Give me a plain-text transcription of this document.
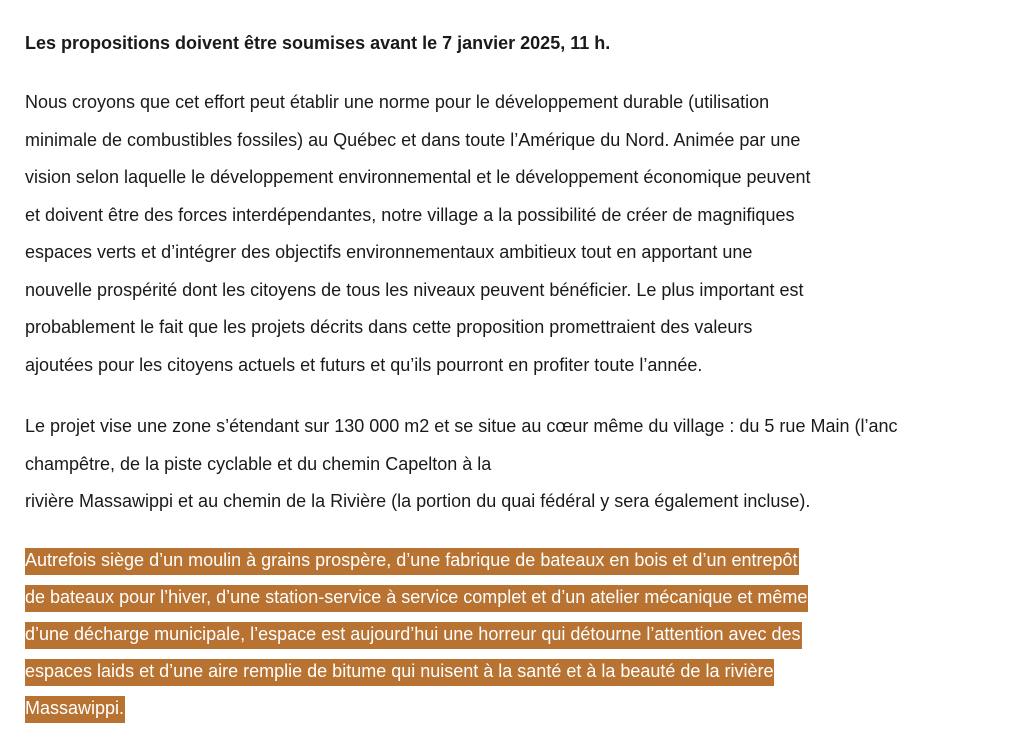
Les propositions doivent être soumises avant le 7 janvier 2025, 11 h.

Nous croyons que cet effort peut établir une norme pour le développement durable (utilisation
minimale de combustibles fossiles) au Québec et dans toute l’Amérique du Nord. Animée par une
vision selon laquelle le développement environnemental et le développement économique peuvent
et doivent être des forces interdépendantes, notre village a la possibilité de créer de magnifiques
espaces verts et d’intégrer des objectifs environnementaux ambitieux tout en apportant une
nouvelle prospérité dont les citoyens de tous les niveaux peuvent bénéficier. Le plus important est
probablement le fait que les projets décrits dans cette proposition promettraient des valeurs
ajoutées pour les citoyens actuels et futurs et qu’ils pourront en profiter toute l’année.

Le projet vise une zone s’étendant sur 130 000 m2 et se situe au cœur même du village : du 5 rue Main (l’anc
champêtre, de la piste cyclable et du chemin Capelton à la
rivière Massawippi et au chemin de la Rivière (la portion du quai fédéral y sera également incluse).

Autrefois siège d’un moulin à grains prospère, d’une fabrique de bateaux en bois et d’un entrepôt
de bateaux pour l’hiver, d’une station-service à service complet et d’un atelier mécanique et même
d’une décharge municipale, l’espace est aujourd’hui une horreur qui détourne l’attention avec des
espaces laids et d’une aire remplie de bitume qui nuisent à la santé et à la beauté de la rivière
Massawippi.
